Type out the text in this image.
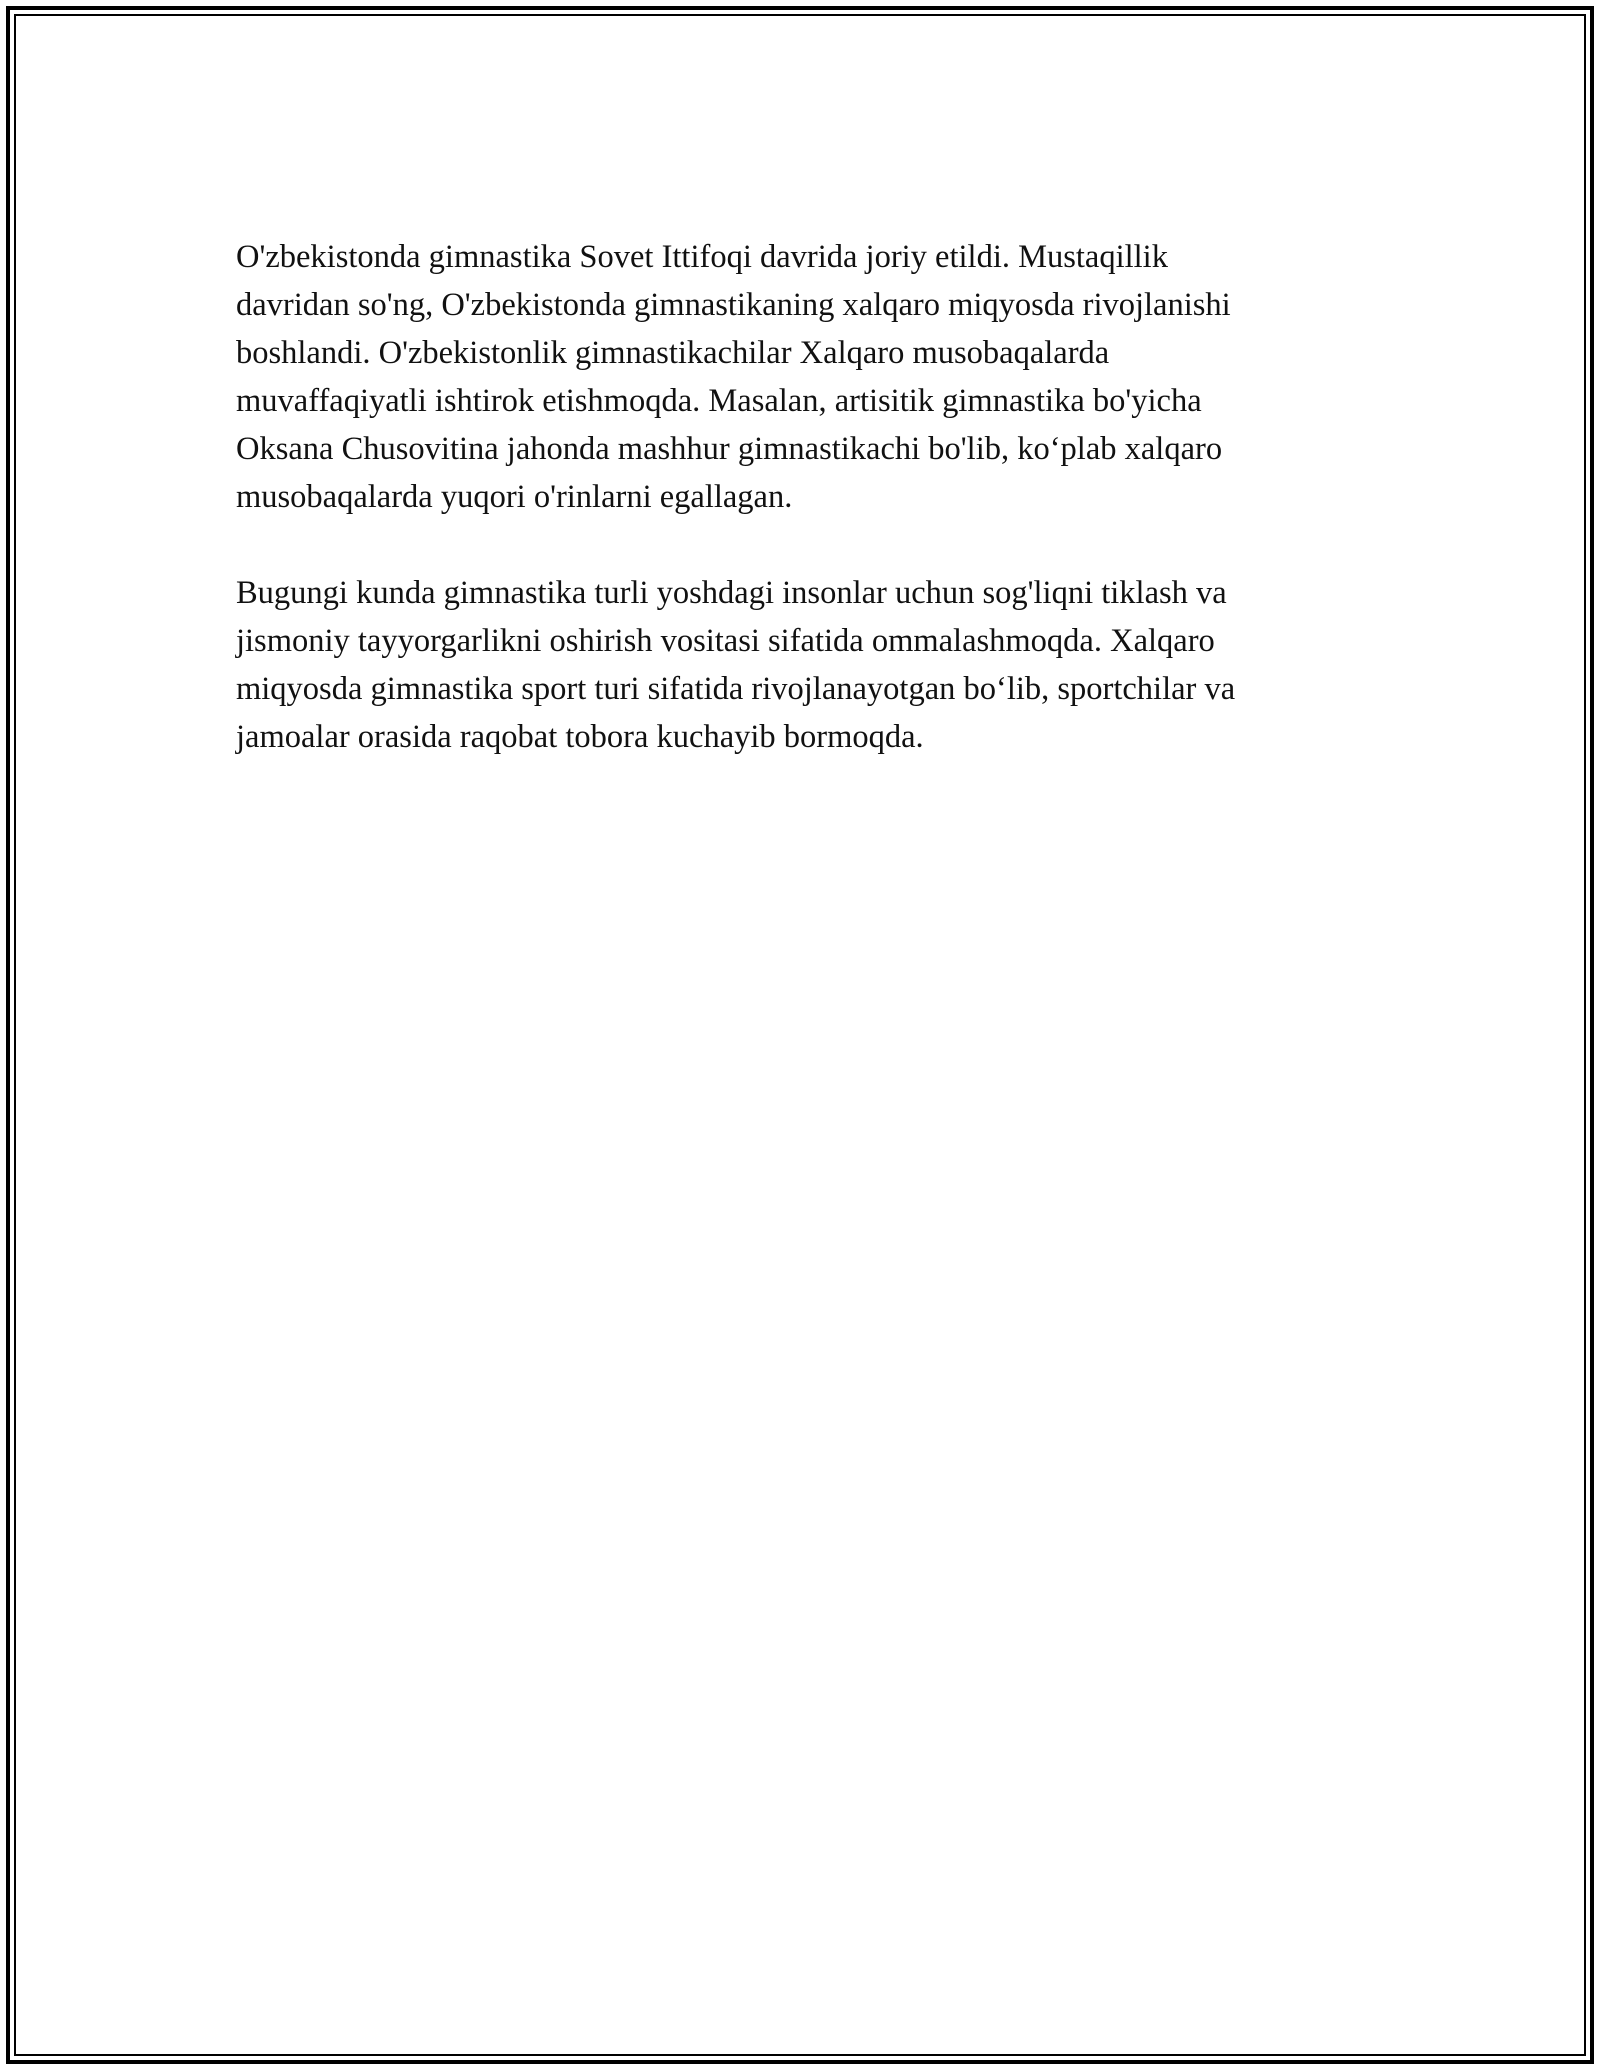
O'zbekistonda gimnastika Sovet Ittifoqi davrida joriy etildi. Mustaqillik
davridan so'ng, O'zbekistonda gimnastikaning xalqaro miqyosda rivojlanishi
boshlandi. O'zbekistonlik gimnastikachilar Xalqaro musobaqalarda
muvaffaqiyatli ishtirok etishmoqda. Masalan, artisitik gimnastika bo'yicha
Oksana Chusovitina jahonda mashhur gimnastikachi bo'lib, ko‘plab xalqaro
musobaqalarda yuqori o'rinlarni egallagan.

Bugungi kunda gimnastika turli yoshdagi insonlar uchun sog'liqni tiklash va
jismoniy tayyorgarlikni oshirish vositasi sifatida ommalashmoqda. Xalqaro
miqyosda gimnastika sport turi sifatida rivojlanayotgan bo‘lib, sportchilar va
jamoalar orasida raqobat tobora kuchayib bormoqda.
